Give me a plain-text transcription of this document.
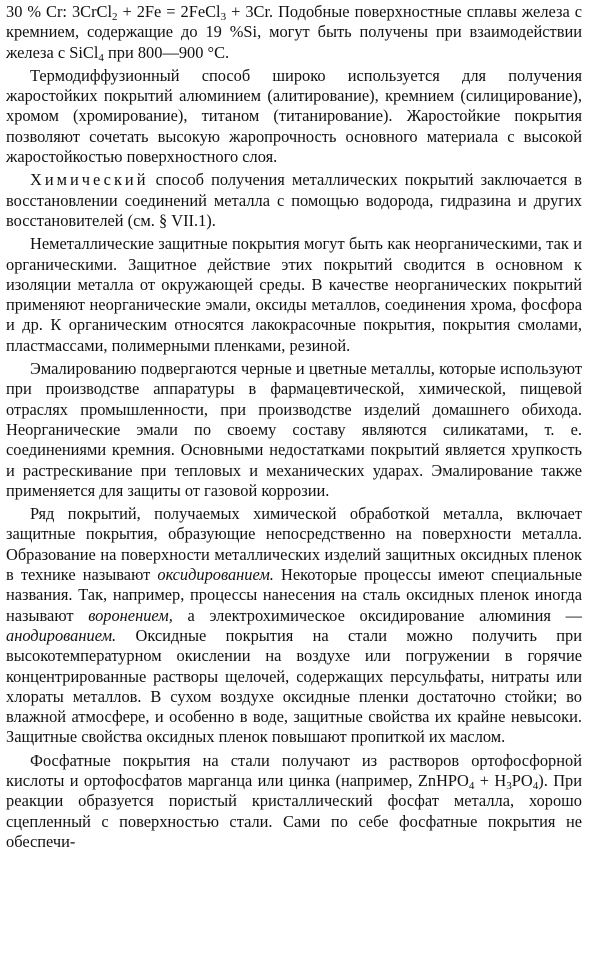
30 % Cr: 3CrCl$_2$ + 2Fe = 2FeCl$_3$ + 3Cr. Подобные поверхностные сплавы железа с кремнием, содержащие до 19 %Si, могут быть получены при взаимодействии железа с SiCl$_4$ при 800—900 °C.

Термодиффузионный способ широко используется для получения жаростойких покрытий алюминием (алитирование), кремнием (силицирование), хромом (хромирование), титаном (титанирование). Жаростойкие покрытия позволяют сочетать высокую жаропрочность основного материала с высокой жаростойкостью поверхностного слоя.

Химический способ получения металлических покрытий заключается в восстановлении соединений металла с помощью водорода, гидразина и других восстановителей (см. § VII.1).

Неметаллические защитные покрытия могут быть как неорганическими, так и органическими. Защитное действие этих покрытий сводится в основном к изоляции металла от окружающей среды. В качестве неорганических покрытий применяют неорганические эмали, оксиды металлов, соединения хрома, фосфора и др. К органическим относятся лакокрасочные покрытия, покрытия смолами, пластмассами, полимерными пленками, резиной.

Эмалированию подвергаются черные и цветные металлы, которые используют при производстве аппаратуры в фармацевтической, химической, пищевой отраслях промышленности, при производстве изделий домашнего обихода. Неорганические эмали по своему составу являются силикатами, т. е. соединениями кремния. Основными недостатками покрытий является хрупкость и растрескивание при тепловых и механических ударах. Эмалирование также применяется для защиты от газовой коррозии.

Ряд покрытий, получаемых химической обработкой металла, включает защитные покрытия, образующие непосредственно на поверхности металла. Образование на поверхности металлических изделий защитных оксидных пленок в технике называют оксидированием. Некоторые процессы имеют специальные названия. Так, например, процессы нанесения на сталь оксидных пленок иногда называют воронением, а электрохимическое оксидирование алюминия — анодированием. Оксидные покрытия на стали можно получить при высокотемпературном окислении на воздухе или погружении в горячие концентрированные растворы щелочей, содержащих персульфаты, нитраты или хлораты металлов. В сухом воздухе оксидные пленки достаточно стойки; во влажной атмосфере, и особенно в воде, защитные свойства их крайне невысоки. Защитные свойства оксидных пленок повышают пропиткой их маслом.

Фосфатные покрытия на стали получают из растворов ортофосфорной кислоты и ортофосфатов марганца или цинка (например, ZnHPO$_4$ + $H_3PO_4$). При реакции образуется пористый кристаллический фосфат металла, хорошо сцепленный с поверхностью стали. Сами по себе фосфатные покрытия не обеспечи-
